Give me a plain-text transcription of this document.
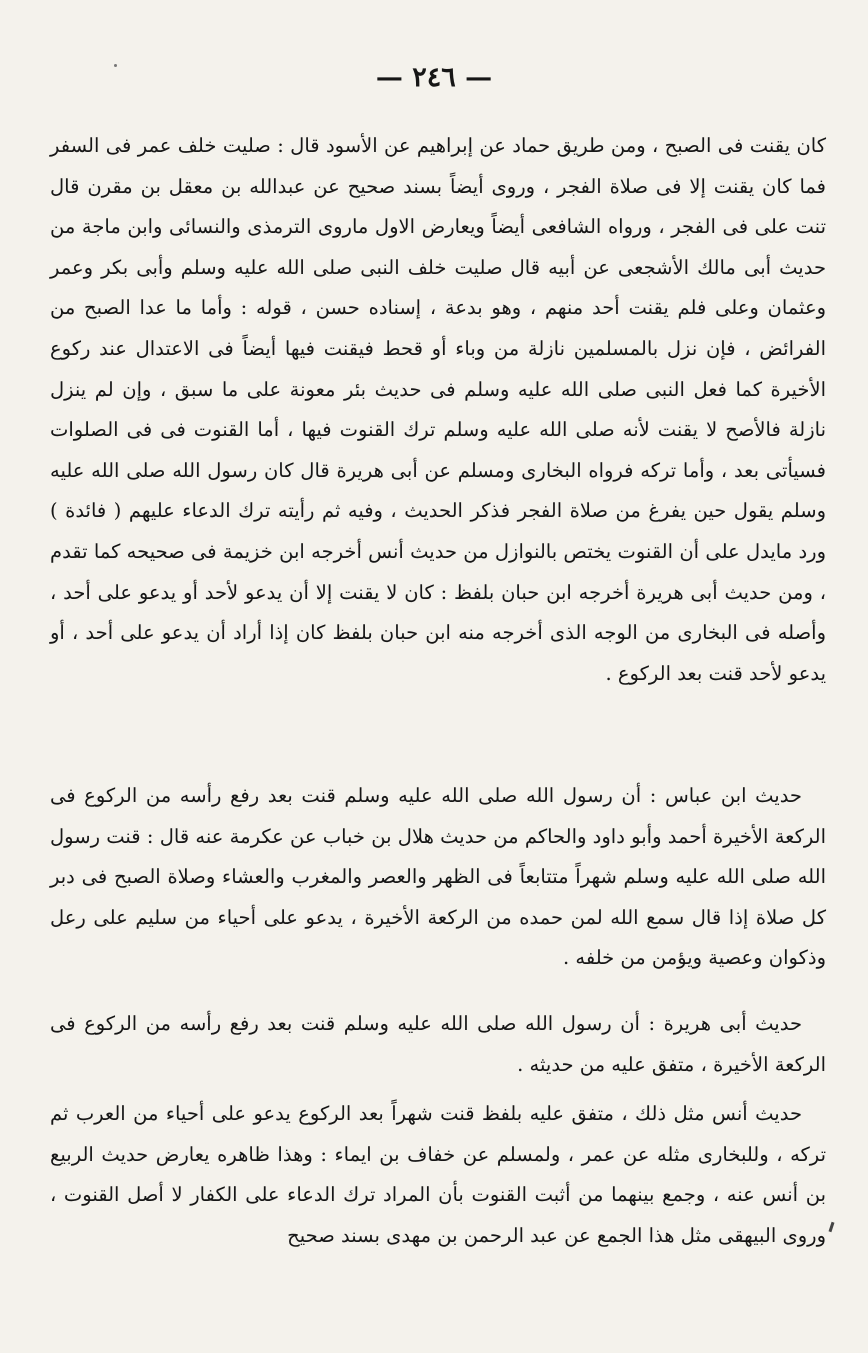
— ٢٤٦ —

كان يقنت فى الصبح ، ومن طريق حماد عن إبراهيم عن الأسود قال : صليت خلف عمر فى السفر فما كان يقنت إلا فى صلاة الفجر ، وروى أيضاً بسند صحيح عن عبدالله بن معقل بن مقرن قال تنت على فى الفجر ، ورواه الشافعى أيضاً ويعارض الاول ماروى الترمذى والنسائى وابن ماجة من حديث أبى مالك الأشجعى عن أبيه قال صليت خلف النبى صلى الله عليه وسلم وأبى بكر وعمر وعثمان وعلى فلم يقنت أحد منهم ، وهو بدعة ، إسناده حسن ، قوله : وأما ما عدا الصبح من الفرائض ، فإن نزل بالمسلمين نازلة من وباء أو قحط فيقنت فيها أيضاً فى الاعتدال عند ركوع الأخيرة كما فعل النبى صلى الله عليه وسلم فى حديث بئر معونة على ما سبق ، وإن لم ينزل نازلة فالأصح لا يقنت لأنه صلى الله عليه وسلم ترك القنوت فيها ، أما القنوت فى فى الصلوات فسيأتى بعد ، وأما تركه فرواه البخارى ومسلم عن أبى هريرة قال كان رسول الله صلى الله عليه وسلم يقول حين يفرغ من صلاة الفجر فذكر الحديث ، وفيه ثم رأيته ترك الدعاء عليهم ( فائدة ) ورد مايدل على أن القنوت يختص بالنوازل من حديث أنس أخرجه ابن خزيمة فى صحيحه كما تقدم ، ومن حديث أبى هريرة أخرجه ابن حبان بلفظ : كان لا يقنت إلا أن يدعو لأحد أو يدعو على أحد ، وأصله فى البخارى من الوجه الذى أخرجه منه ابن حبان بلفظ كان إذا أراد أن يدعو على أحد ، أو يدعو لأحد قنت بعد الركوع .

حديث ابن عباس : أن رسول الله صلى الله عليه وسلم قنت بعد رفع رأسه من الركوع فى الركعة الأخيرة أحمد وأبو داود والحاكم من حديث هلال بن خباب عن عكرمة عنه قال : قنت رسول الله صلى الله عليه وسلم شهراً متتابعاً فى الظهر والعصر والمغرب والعشاء وصلاة الصبح فى دبر كل صلاة إذا قال سمع الله لمن حمده من الركعة الأخيرة ، يدعو على أحياء من سليم على رعل وذكوان وعصية ويؤمن من خلفه .

حديث أبى هريرة : أن رسول الله صلى الله عليه وسلم قنت بعد رفع رأسه من الركوع فى الركعة الأخيرة ، متفق عليه من حديثه .

حديث أنس مثل ذلك ، متفق عليه بلفظ قنت شهراً بعد الركوع يدعو على أحياء من العرب ثم تركه ، وللبخارى مثله عن عمر ، ولمسلم عن خفاف بن ايماء : وهذا ظاهره يعارض حديث الربيع بن أنس عنه ، وجمع بينهما من أثبت القنوت بأن المراد ترك الدعاء على الكفار لا أصل القنوت ، وروى البيهقى مثل هذا الجمع عن عبد الرحمن بن مهدى بسند صحيح
